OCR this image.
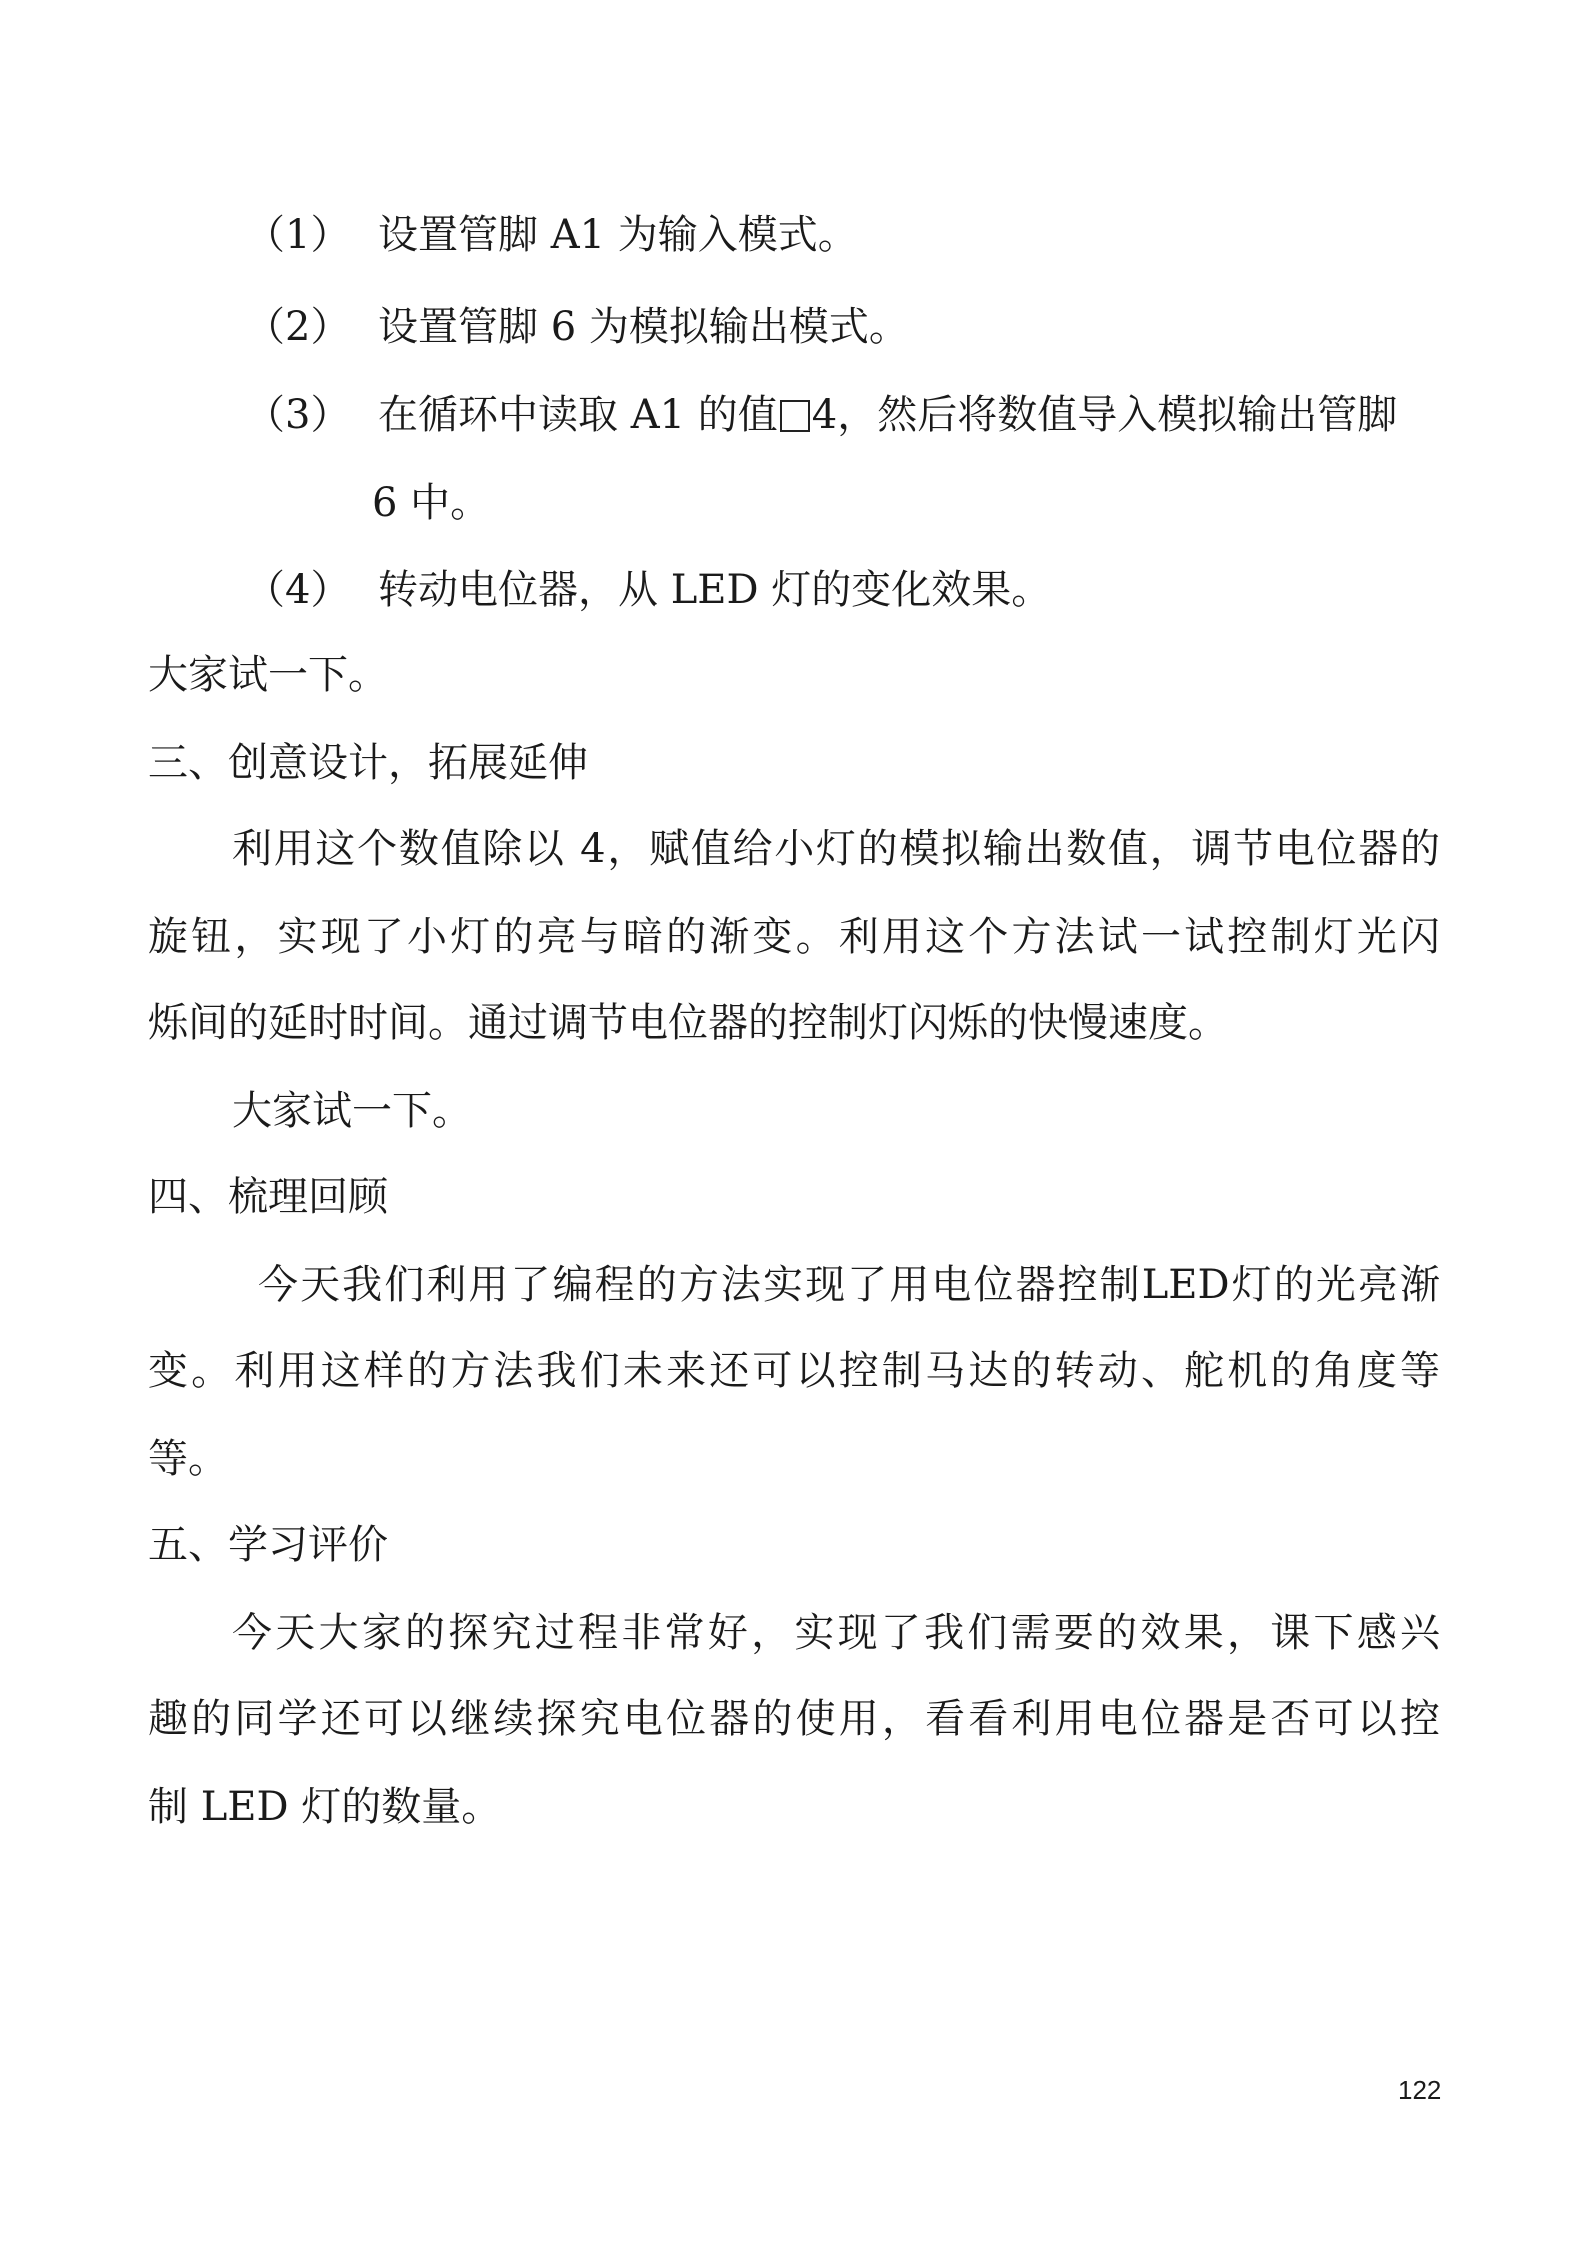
（1） 设置管脚 A1 为输入模式。
（2） 设置管脚 6 为模拟输出模式。
（3） 在循环中读取 A1 的值 4，然后将数值导入模拟输出管脚
6 中。
（4） 转动电位器，从 LED 灯的变化效果。
大家试一下。
三、创意设计，拓展延伸
利用这个数值除以 4，赋值给小灯的模拟输出数值，调节电位器的
旋钮，实现了小灯的亮与暗的渐变。利用这个方法试一试控制灯光闪
烁间的延时时间。通过调节电位器的控制灯闪烁的快慢速度。
大家试一下。
四、梳理回顾
今天我们利用了编程的方法实现了用电位器控制LED灯的光亮渐
变。利用这样的方法我们未来还可以控制马达的转动、舵机的角度等
等。
五、学习评价
今天大家的探究过程非常好，实现了我们需要的效果，课下感兴
趣的同学还可以继续探究电位器的使用，看看利用电位器是否可以控
制 LED 灯的数量。
122
